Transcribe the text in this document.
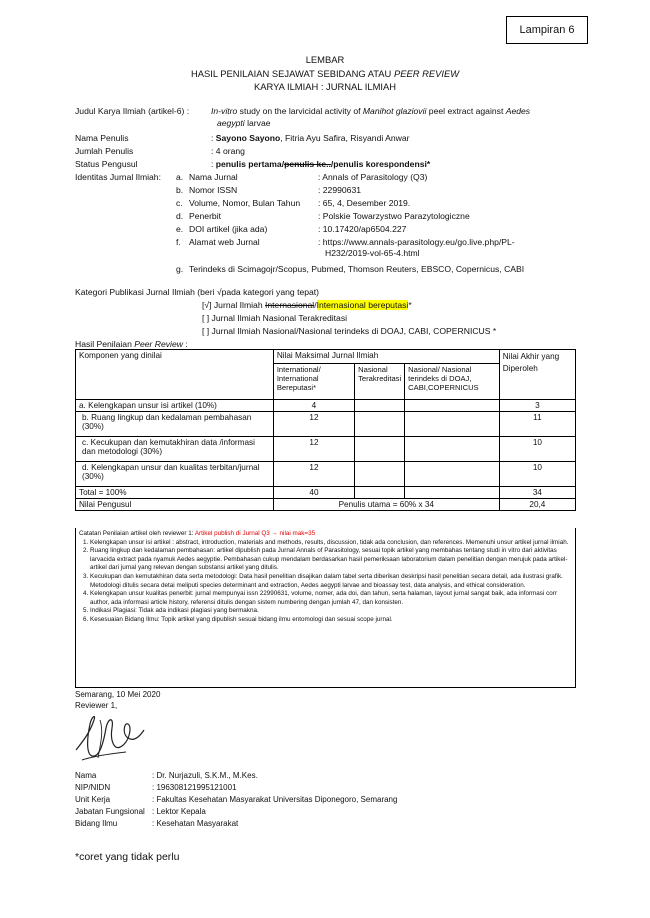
Lampiran 6
LEMBAR
HASIL PENILAIAN SEJAWAT SEBIDANG ATAU PEER REVIEW
KARYA ILMIAH : JURNAL ILMIAH
Judul Karya Ilmiah (artikel-6) :	In-vitro study on the larvicidal activity of Manihot glaziovii peel extract against Aedes
aegypti larvae
Nama Penulis	: Sayono Sayono, Fitria Ayu Safira, Risyandi Anwar
Jumlah Penulis	: 4 orang
Status Pengusul	: penulis pertama/penulis ke../penulis korespondensi*
Identitas Jurnal Ilmiah: a. Nama Jurnal	: Annals of Parasitology (Q3)
b. Nomor ISSN	: 22990631
c. Volume, Nomor, Bulan Tahun : 65, 4, Desember 2019.
d. Penerbit	: Polskie Towarzystwo Parazytologiczne
e. DOI artikel (jika ada)	: 10.17420/ap6504.227
f. Alamat web Jurnal	: https://www.annals-parasitology.eu/go.live.php/PL-
H232/2019-vol-65-4.html
g. Terindeks di Scimagojr/Scopus, Pubmed, Thomson Reuters, EBSCO, Copernicus, CABI
Kategori Publikasi Jurnal Ilmiah (beri √pada kategori yang tepat)
[√] Jurnal Ilmiah Internasional/Internasional bereputasi*
[ ] Jurnal Ilmiah Nasional Terakreditasi
[ ] Jurnal Ilmiah Nasional/Nasional terindeks di DOAJ, CABI, COPERNICUS *
Hasil Penilaian Peer Review :
Komponen yang dinilai	Nilai Maksimal Jurnal Ilmiah			Nilai Akhir yang Diperoleh
	International/ International Bereputasi*	Nasional Terakreditasi	Nasional/ Nasional terindeks di DOAJ, CABI,COPERNICUS	
a. Kelengkapan unsur isi artikel (10%)	4			3
b. Ruang lingkup dan kedalaman pembahasan (30%)	12			11
c. Kecukupan dan kemutakhiran data /informasi dan metodologi (30%)	12			10
d. Kelengkapan unsur dan kualitas terbitan/jurnal (30%)	12			10
Total = 100%	40			34
Nilai Pengusul	Penulis utama = 60% x 34			20,4
Catatan Penilaian artikel oleh reviewer 1: Artikel publish di Jurnal Q3 → nilai mak=35
1. Kelengkapan unsur isi artikel : abstract, introduction, materials and methods, results, discussion, tidak ada conclusion, dan references. Memenuhi unsur artikel jurnal ilmiah.
2. Ruang lingkup dan kedalaman pembahasan: artikel dipublish pada Jurnal Annals of Parasitology, sesuai topik artikel yang membahas tentang studi in vitro dari aktivitas larvacida extract pada nyamuk Aedes aegyptie. Pembahasan cukup mendalam berdasarkan hasil pemeriksaan laboratorium dalam penelitian dengan merujuk pada artikel-artikel dari jurnal yang relevan dengan substansi artikel yang ditulis.
3. Kecukupan dan kemutakhiran data serta metodologi: Data hasil penelitian disajikan dalam tabel serta diberikan deskripsi hasil penelitian secara detail, ada ilustrasi grafik. Metodologi ditulis secara detai meliputi species determinant and extraction, Aedes aegypti larvae and bioassay test, data analysis, and ethical consideration.
4. Kelengkapan unsur kualitas penerbit: jurnal mempunyai issn 22990631, volume, nomer, ada doi, dan tahun, serta halaman, layout jurnal sangat baik, ada informasi corr author, ada informasi article history, referensi ditulis dengan sistem numbering dengan jumlah 47, dan konsisten.
5. Indikasi Plagiasi: Tidak ada indikasi plagiasi yang bermakna.
6. Kesesuaian Bidang Ilmu: Topik artikel yang dipublish sesuai bidang ilmu entomologi dan sesuai scope jurnal.
Semarang, 10 Mei 2020
Reviewer 1,
Nama	: Dr. Nurjazuli, S.K.M., M.Kes.
NIP/NIDN	: 196308121995121001
Unit Kerja	: Fakultas Kesehatan Masyarakat Universitas Diponegoro, Semarang
Jabatan Fungsional : Lektor Kepala
Bidang Ilmu	: Kesehatan Masyarakat
*coret yang tidak perlu
